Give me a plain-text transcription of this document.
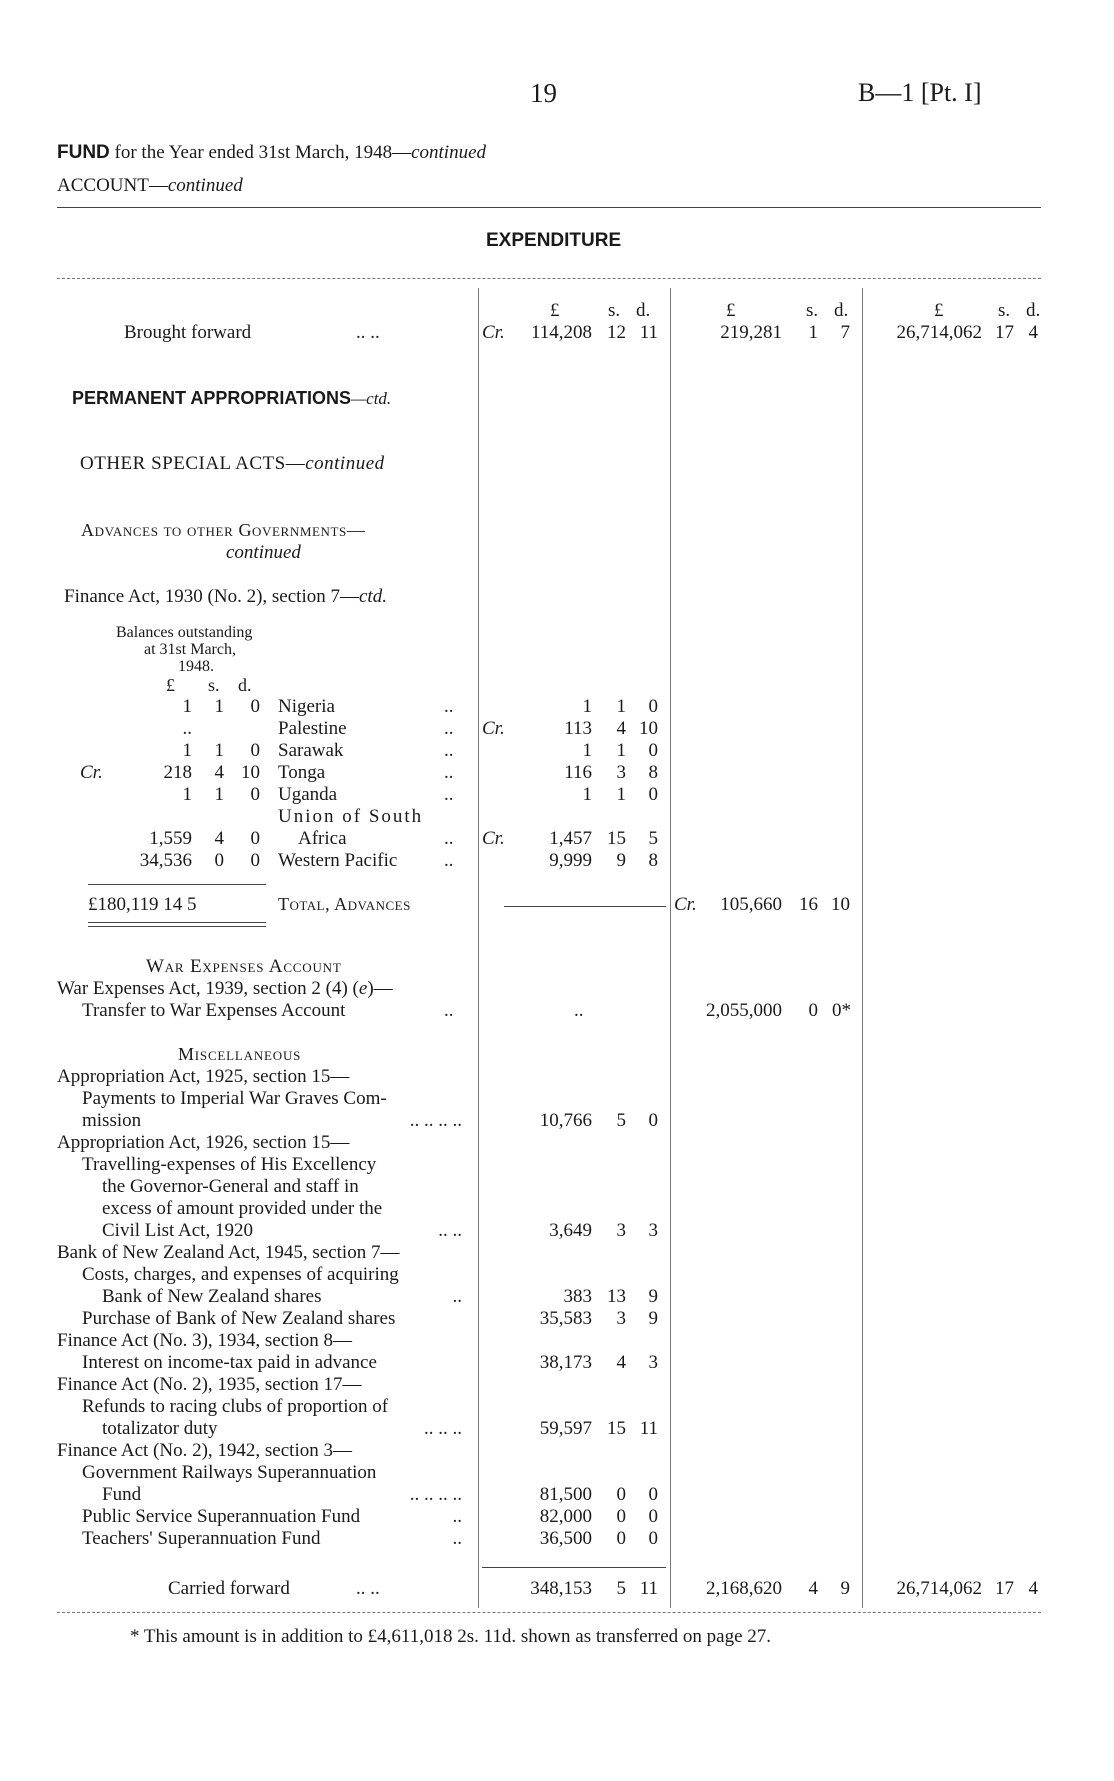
19	B—1 [Pt. I]
FUND for the Year ended 31st March, 1948—continued
ACCOUNT—continued
EXPENDITURE
£	s. d.	£	s. d.	£	s. d.
Brought forward	.. ..	Cr.	114,208 12 11	219,281	1	7	26,714,062 17 4
PERMANENT APPROPRIATIONS—ctd.
OTHER SPECIAL ACTS—continued
Advances to other Governments—
continued
Finance Act, 1930 (No. 2), section 7—ctd.
Balances outstanding
at 31st March,
1948.
£ s. d.
1	1	0 Nigeria	..	1	1	0
..	Palestine	.. Cr.	113	4 10
1	1	0 Sarawak	..	1	1	0
Cr.	218	4 10 Tonga	..	116	3	8
1	1	0 Uganda	..	1	1	0
Union of South
1,559	4	0 Africa	.. Cr.	1,457 15	5
34,536	0	0 Western Pacific ..	9,999	9	8
£180,119 14 5	Total, Advances	Cr.	105,660 16 10
War Expenses Account
War Expenses Act, 1939, section 2 (4) (e)—
Transfer to War Expenses Account	..	..	2,055,000	0 0*
Miscellaneous
Appropriation Act, 1925, section 15—
Payments to Imperial War Graves Com-
mission	.. .. .. ..	10,766	5	0
Appropriation Act, 1926, section 15—
Travelling-expenses of His Excellency
the Governor-General and staff in
excess of amount provided under the
Civil List Act, 1920	.. ..	3,649	3	3
Bank of New Zealand Act, 1945, section 7—
Costs, charges, and expenses of acquiring
Bank of New Zealand shares	..	383 13	9
Purchase of Bank of New Zealand shares	35,583	3	9
Finance Act (No. 3), 1934, section 8—
Interest on income-tax paid in advance	38,173	4	3
Finance Act (No. 2), 1935, section 17—
Refunds to racing clubs of proportion of
totalizator duty	.. .. ..	59,597 15 11
Finance Act (No. 2), 1942, section 3—
Government Railways Superannuation
Fund	.. .. .. ..	81,500	0	0
Public Service Superannuation Fund	..	82,000	0	0
Teachers' Superannuation Fund	..	36,500	0	0
Carried forward	.. ..	348,153	5 11	2,168,620	4	9	26,714,062 17 4
* This amount is in addition to £4,611,018 2s. 11d. shown as transferred on page 27.
